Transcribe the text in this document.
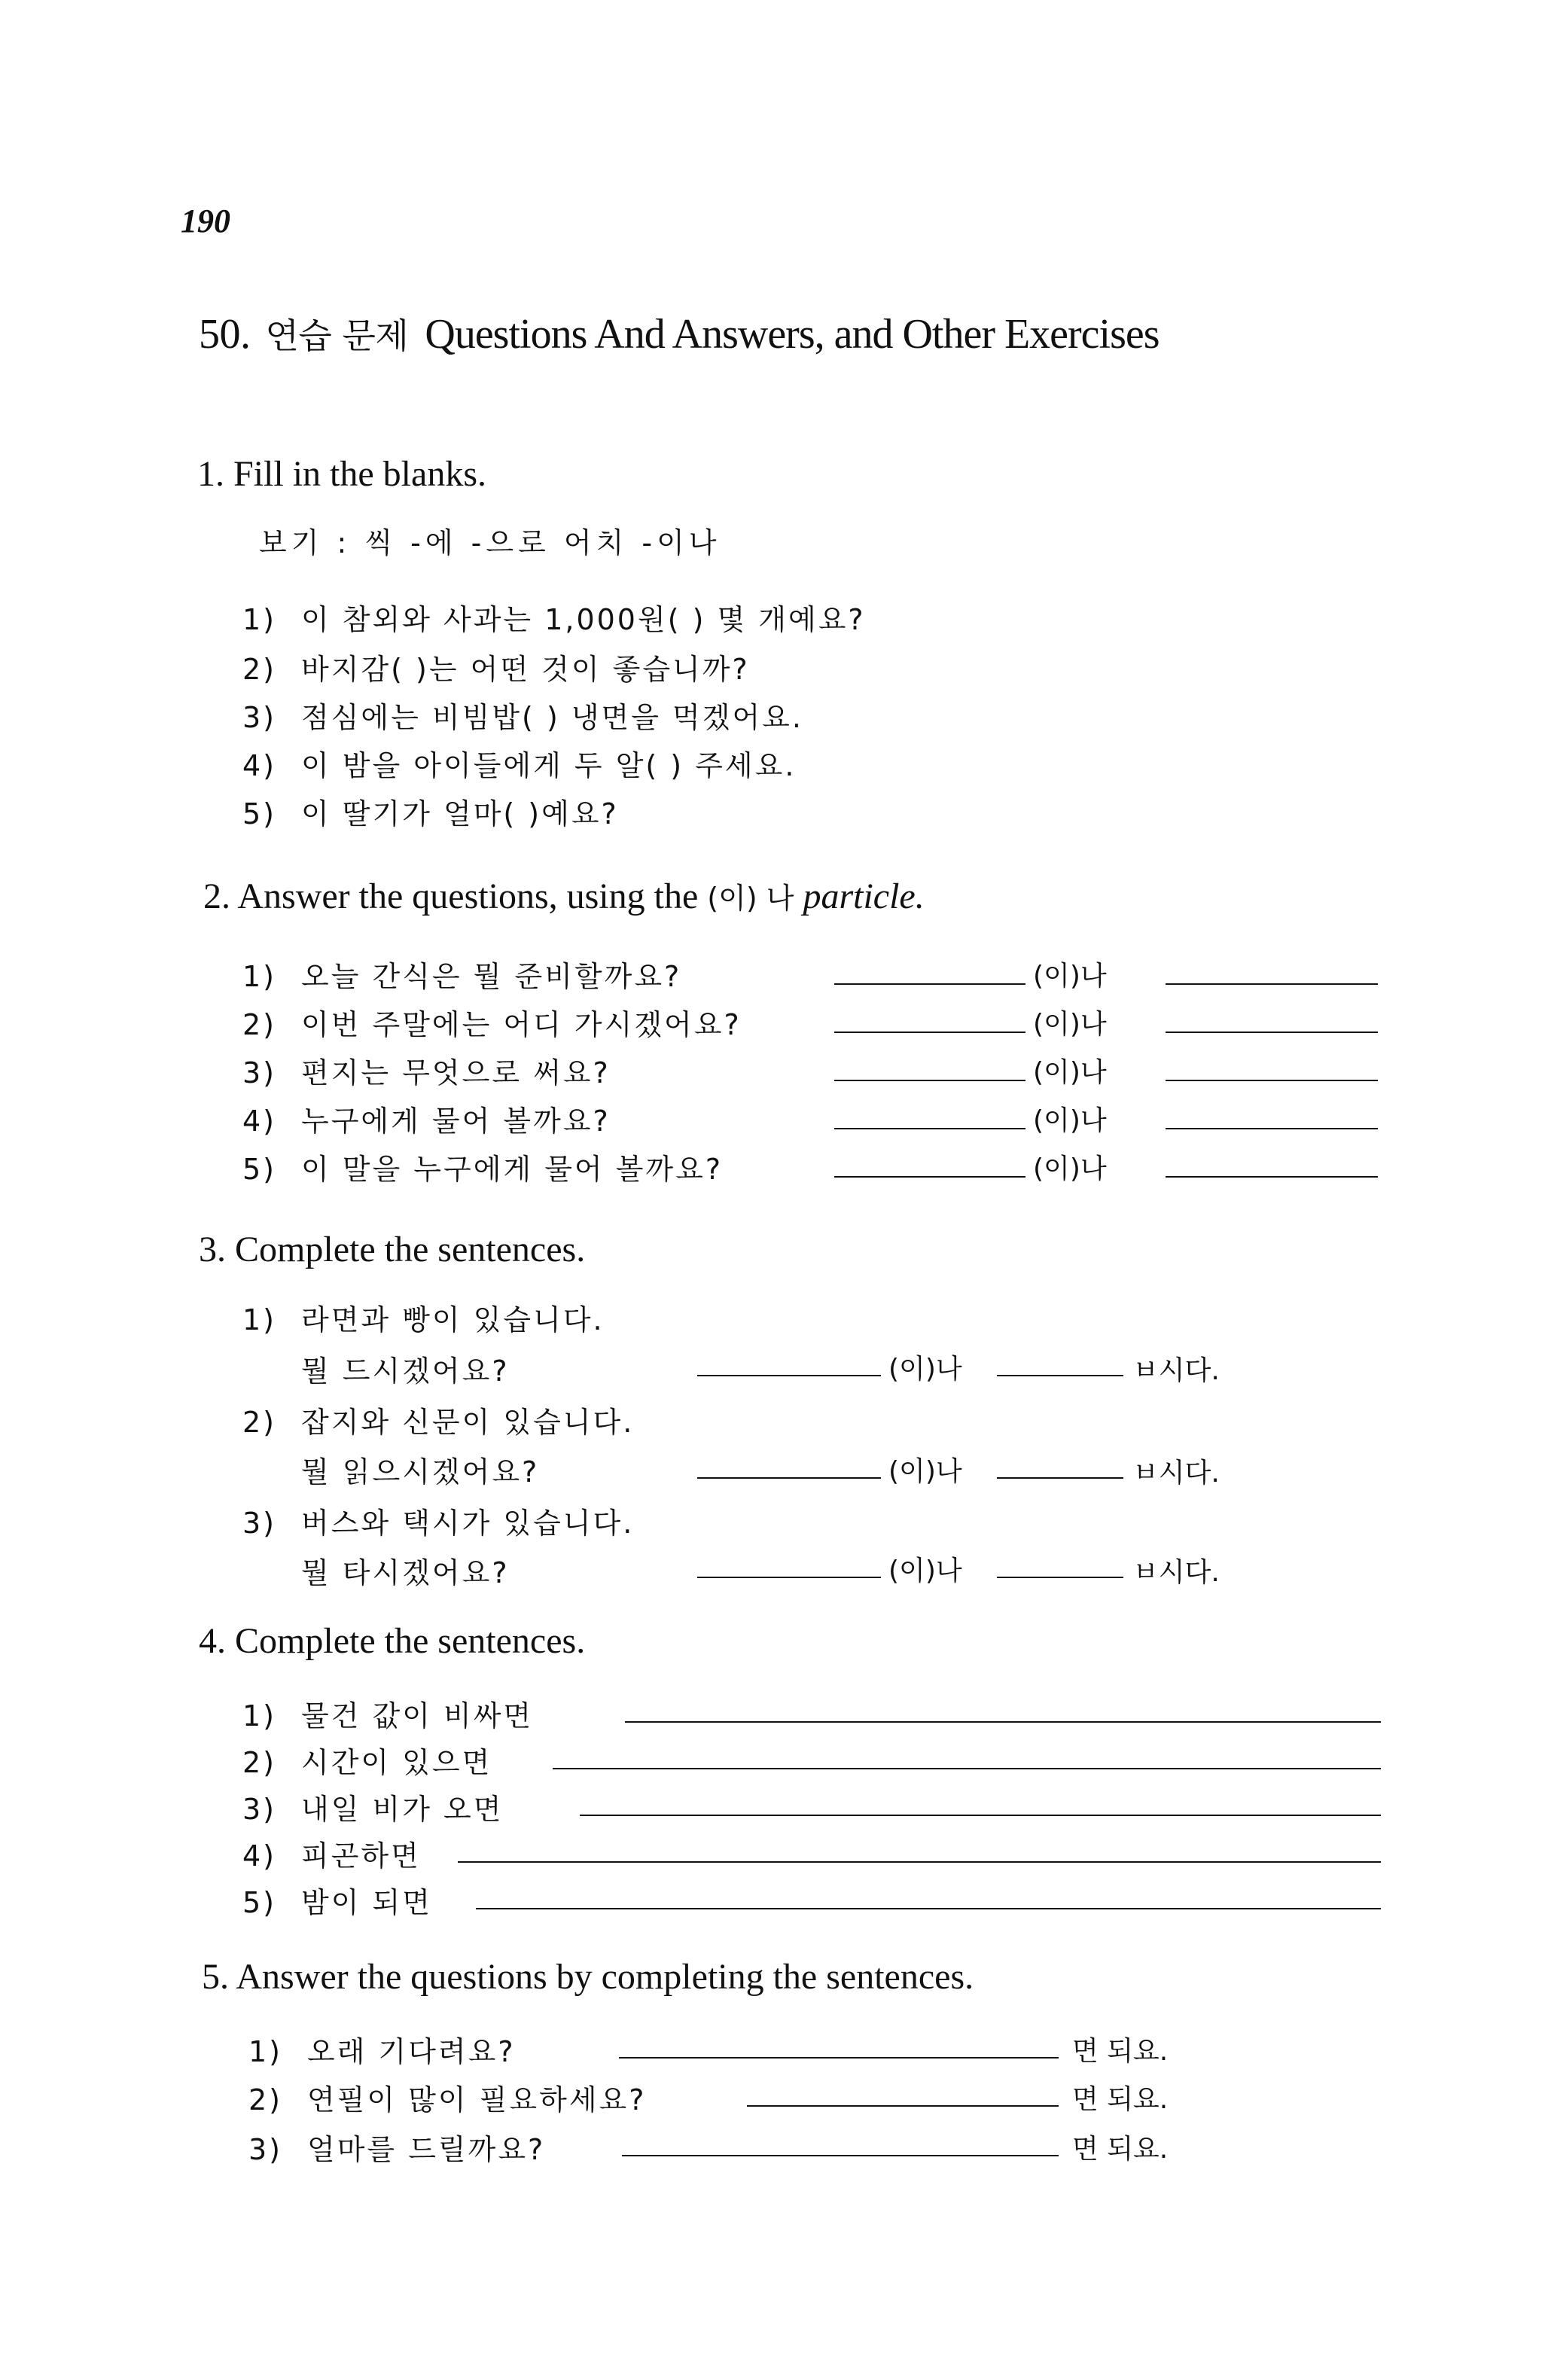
190
50. 연습 문제 Questions And Answers, and Other Exercises
1. Fill in the blanks.
보기 : 씩 -에 -으로 어치 -이나
1) 이 참외와 사과는 1,000원( ) 몇 개예요?
2) 바지감( )는 어떤 것이 좋습니까?
3) 점심에는 비빔밥( ) 냉면을 먹겠어요.
4) 이 밤을 아이들에게 두 알( ) 주세요.
5) 이 딸기가 얼마( )예요?
2. Answer the questions, using the (이) 나 particle.
1) 오늘 간식은 뭘 준비할까요?	(이)나
2) 이번 주말에는 어디 가시겠어요?	(이)나
3) 편지는 무엇으로 써요?	(이)나
4) 누구에게 물어 볼까요?	(이)나
5) 이 말을 누구에게 물어 볼까요?	(이)나
3. Complete the sentences.
1) 라면과 빵이 있습니다.
뭘 드시겠어요?	(이)나	ㅂ시다.
2) 잡지와 신문이 있습니다.
뭘 읽으시겠어요?	(이)나	ㅂ시다.
3) 버스와 택시가 있습니다.
뭘 타시겠어요?	(이)나	ㅂ시다.
4. Complete the sentences.
1) 물건 값이 비싸면
2) 시간이 있으면
3) 내일 비가 오면
4) 피곤하면
5) 밤이 되면
5. Answer the questions by completing the sentences.
1) 오래 기다려요?	면 되요.
2) 연필이 많이 필요하세요?	면 되요.
3) 얼마를 드릴까요?	면 되요.
